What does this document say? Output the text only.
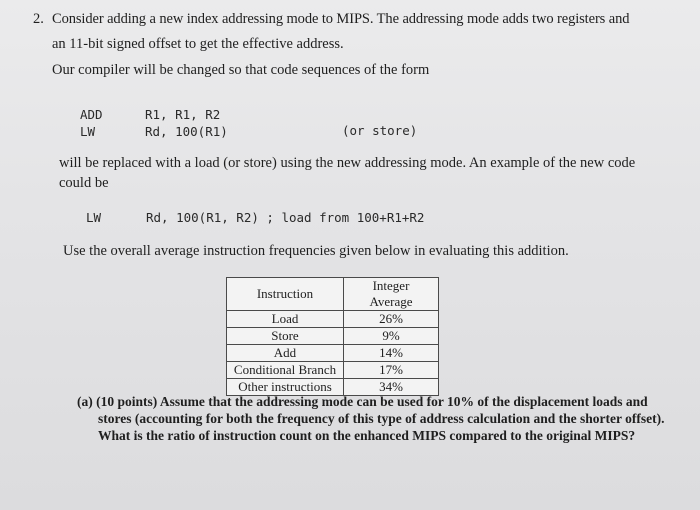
2. Consider adding a new index addressing mode to MIPS. The addressing mode adds two registers and
an 11-bit signed offset to get the effective address.
Our compiler will be changed so that code sequences of the form
ADD	R1, R1, R2
LW	Rd, 100(R1)	(or store)
will be replaced with a load (or store) using the new addressing mode. An example of the new code
could be
LW	Rd, 100(R1, R2) ; load from 100+R1+R2
Use the overall average instruction frequencies given below in evaluating this addition.
Instruction	Integer Average
Load	26%
Store	9%
Add	14%
Conditional Branch	17%
Other instructions	34%
(a) (10 points) Assume that the addressing mode can be used for 10% of the displacement loads and
stores (accounting for both the frequency of this type of address calculation and the shorter offset).
What is the ratio of instruction count on the enhanced MIPS compared to the original MIPS?
